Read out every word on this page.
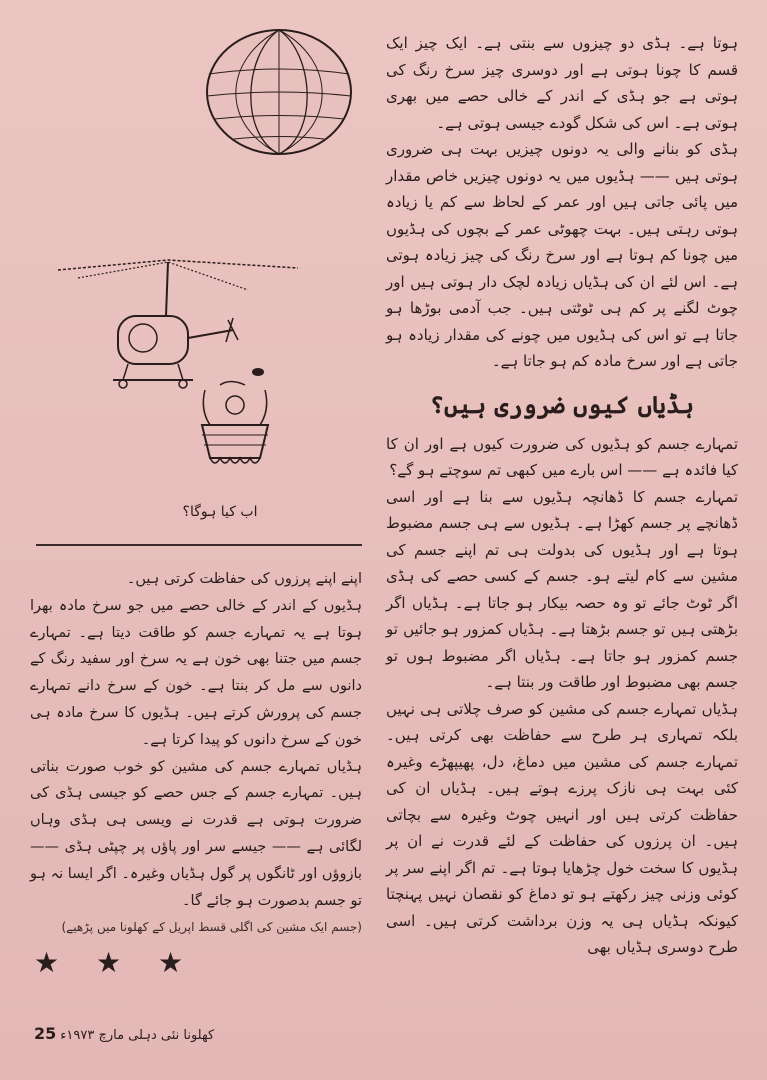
اب کیا ہوگا؟

ہوتا ہے۔ ہڈی دو چیزوں سے بنتی ہے۔ ایک چیز ایک قسم کا چونا ہوتی ہے اور دوسری چیز سرخ رنگ کی ہوتی ہے جو ہڈی کے اندر کے خالی حصے میں بھری ہوتی ہے۔ اس کی شکل گودے جیسی ہوتی ہے۔

ہڈی کو بنانے والی یہ دونوں چیزیں بہت ہی ضروری ہوتی ہیں —— ہڈیوں میں یہ دونوں چیزیں خاص مقدار میں پائی جاتی ہیں اور عمر کے لحاظ سے کم یا زیادہ ہوتی رہتی ہیں۔ بہت چھوٹی عمر کے بچوں کی ہڈیوں میں چونا کم ہوتا ہے اور سرخ رنگ کی چیز زیادہ ہوتی ہے۔ اس لئے ان کی ہڈیاں زیادہ لچک دار ہوتی ہیں اور چوٹ لگنے پر کم ہی ٹوٹتی ہیں۔ جب آدمی بوڑھا ہو جاتا ہے تو اس کی ہڈیوں میں چونے کی مقدار زیادہ ہو جاتی ہے اور سرخ مادہ کم ہو جاتا ہے۔

ہڈیاں کیوں ضروری ہیں؟

تمہارے جسم کو ہڈیوں کی ضرورت کیوں ہے اور ان کا کیا فائدہ ہے —— اس بارے میں کبھی تم سوچتے ہو گے؟

تمہارے جسم کا ڈھانچہ ہڈیوں سے بنا ہے اور اسی ڈھانچے پر جسم کھڑا ہے۔ ہڈیوں سے ہی جسم مضبوط ہوتا ہے اور ہڈیوں کی بدولت ہی تم اپنے جسم کی مشین سے کام لیتے ہو۔ جسم کے کسی حصے کی ہڈی اگر ٹوٹ جائے تو وہ حصہ بیکار ہو جاتا ہے۔ ہڈیاں اگر بڑھتی ہیں تو جسم بڑھتا ہے۔ ہڈیاں کمزور ہو جائیں تو جسم کمزور ہو جاتا ہے۔ ہڈیاں اگر مضبوط ہوں تو جسم بھی مضبوط اور طاقت ور بنتا ہے۔

ہڈیاں تمہارے جسم کی مشین کو صرف چلاتی ہی نہیں بلکہ تمہاری ہر طرح سے حفاظت بھی کرتی ہیں۔ تمہارے جسم کی مشین میں دماغ، دل، پھیپھڑے وغیرہ کئی بہت ہی نازک پرزے ہوتے ہیں۔ ہڈیاں ان کی حفاظت کرتی ہیں اور انہیں چوٹ وغیرہ سے بچاتی ہیں۔ ان پرزوں کی حفاظت کے لئے قدرت نے ان پر ہڈیوں کا سخت خول چڑھایا ہوتا ہے۔ تم اگر اپنے سر پر کوئی وزنی چیز رکھتے ہو تو دماغ کو نقصان نہیں پہنچتا کیونکہ ہڈیاں ہی یہ وزن برداشت کرتی ہیں۔ اسی طرح دوسری ہڈیاں بھی

اپنے اپنے پرزوں کی حفاظت کرتی ہیں۔

ہڈیوں کے اندر کے خالی حصے میں جو سرخ مادہ بھرا ہوتا ہے یہ تمہارے جسم کو طاقت دیتا ہے۔ تمہارے جسم میں جتنا بھی خون ہے یہ سرخ اور سفید رنگ کے دانوں سے مل کر بنتا ہے۔ خون کے سرخ دانے تمہارے جسم کی پرورش کرتے ہیں۔ ہڈیوں کا سرخ مادہ ہی خون کے سرخ دانوں کو پیدا کرتا ہے۔

ہڈیاں تمہارے جسم کی مشین کو خوب صورت بناتی ہیں۔ تمہارے جسم کے جس حصے کو جیسی ہڈی کی ضرورت ہوتی ہے قدرت نے ویسی ہی ہڈی وہاں لگائی ہے —— جیسے سر اور پاؤں پر چپٹی ہڈی —— بازوؤں اور ٹانگوں پر گول ہڈیاں وغیرہ۔ اگر ایسا نہ ہو تو جسم بدصورت ہو جائے گا۔

(جسم ایک مشین کی اگلی قسط اپریل کے کھلونا میں پڑھیے)

★ ★ ★
کھلونا نئی دہلی مارچ ۱۹۷۳ء
25
